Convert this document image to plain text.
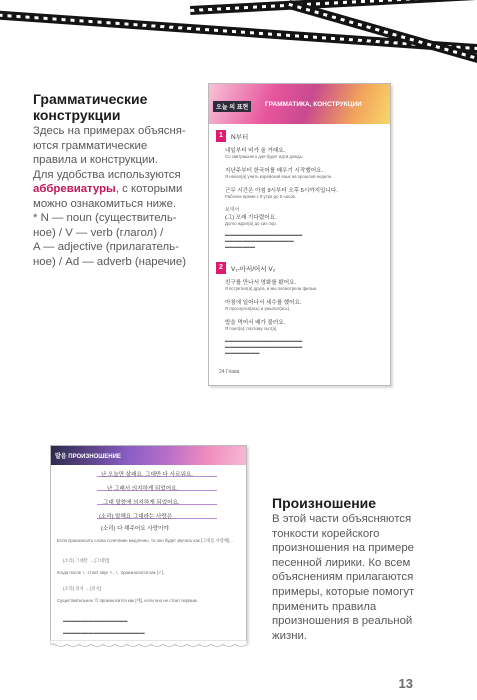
Грамматические
конструкции
Здесь на примерах объясня-
ются грамматические
правила и конструкции.
Для удобства используются
аббревиатуры, с которыми
можно ознакомиться ниже.
* N — noun (существитель-
ное) / V — verb (глагол) /
A — adjective (прилагатель-
ное) / Ad — adverb (наречие)
오늘 의 표현	ГРАММАТИКА, КОНСТРУКЦИИ
1	N부터
내일부터 비가 올 거래요.
Со завтрашнего дня будет идти дождь.
지난주부터 한국어를 배우기 시작했어요.
Я начал(а) учить корейский язык на прошлой неделе.
근무 시간은 아침 9시부터 오후 5시까지입니다.
Рабочее время с 9 утра до 5 часов.
보태어
(그) 오래 기다렸어요.
Долго ждал(а) до сих пор.
▬▬▬▬▬▬▬▬▬▬▬▬▬▬▬▬▬▬
▬▬▬▬▬▬▬▬▬▬▬▬▬▬▬▬
▬▬▬▬▬▬▬
2	V₁-아서/어서 V₂
친구를 만나서 영화를 봤어요.
Я встретил(а) друга, и мы посмотрели фильм.
아침에 일어나서 세수를 했어요.
Я проснулся(ась) и умылся(ась).
밥을 먹어서 배가 불러요.
Я поел(а), поэтому сыт(а).
▬▬▬▬▬▬▬▬▬▬▬▬▬▬▬▬▬▬
▬▬▬▬▬▬▬▬▬▬▬▬▬▬▬▬▬▬
▬▬▬▬▬▬▬▬
24 Глава
발음 ПРОИЗНОШЕНИЕ
난 오늘만 살래요. 그대만 다 사르워요.
난 그래서 의지하게 되었어요.
그대 말씀에 의지하게 되었어요.
(소리) 말해요 그대라는 사랑은
(소리) 다 해주어요 사랑이야
Если произносить слово сочетание медленно, то оно будет звучать как [그대를 사랑해]...
(소리) 그대만 → [그대만]
Когда после ㄴ стоит звук ㄹ, ㄴ произносится как [ㄹ].
(소리) 의지 → [의지]
Существительное 의 произносится как [에], если оно не стоит первым.
▬▬▬▬▬▬▬▬▬▬▬▬▬▬▬
▬▬▬▬▬▬▬▬▬▬▬▬▬▬▬▬▬▬▬
Произношение
В этой части объясняются
тонкости корейского
произношения на примере
песенной лирики. Ко всем
объяснениям прилагаются
примеры, которые помогут
применить правила
произношения в реальной
жизни.
13
